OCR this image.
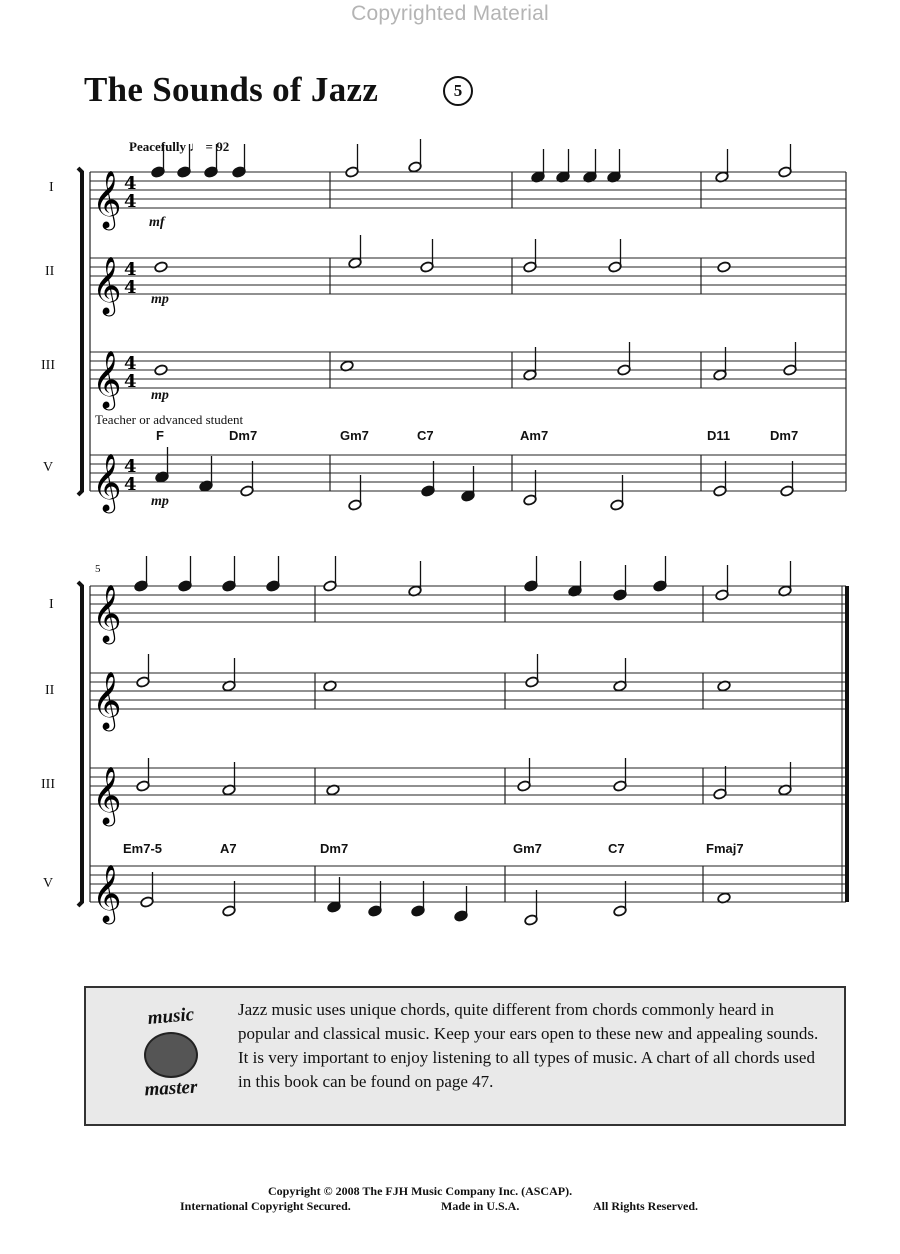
Copyrighted Material
The Sounds of Jazz	5
Peacefully ♩ = 92
I
II
III
V
I
II
III
V
Teacher or advanced student
mf
mp
mp
mp
5
F	Dm7	Gm7	C7	Am7	D11	Dm7
Em7-5	A7	Dm7	Gm7	C7	Fmaj7
𝄞 4
4
𝄞 4
4
𝄞 4
4
𝄞 4
4
𝄞
𝄞
𝄞
𝄞
music
master
Jazz music uses unique chords, quite different from chords commonly heard in popular and classical music. Keep your ears open to these new and appealing sounds. It is very important to enjoy listening to all types of music. A chart of all chords used in this book can be found on page 47.
Copyright © 2008 The FJH Music Company Inc. (ASCAP).
International Copyright Secured.	Made in U.S.A.	All Rights Reserved.
